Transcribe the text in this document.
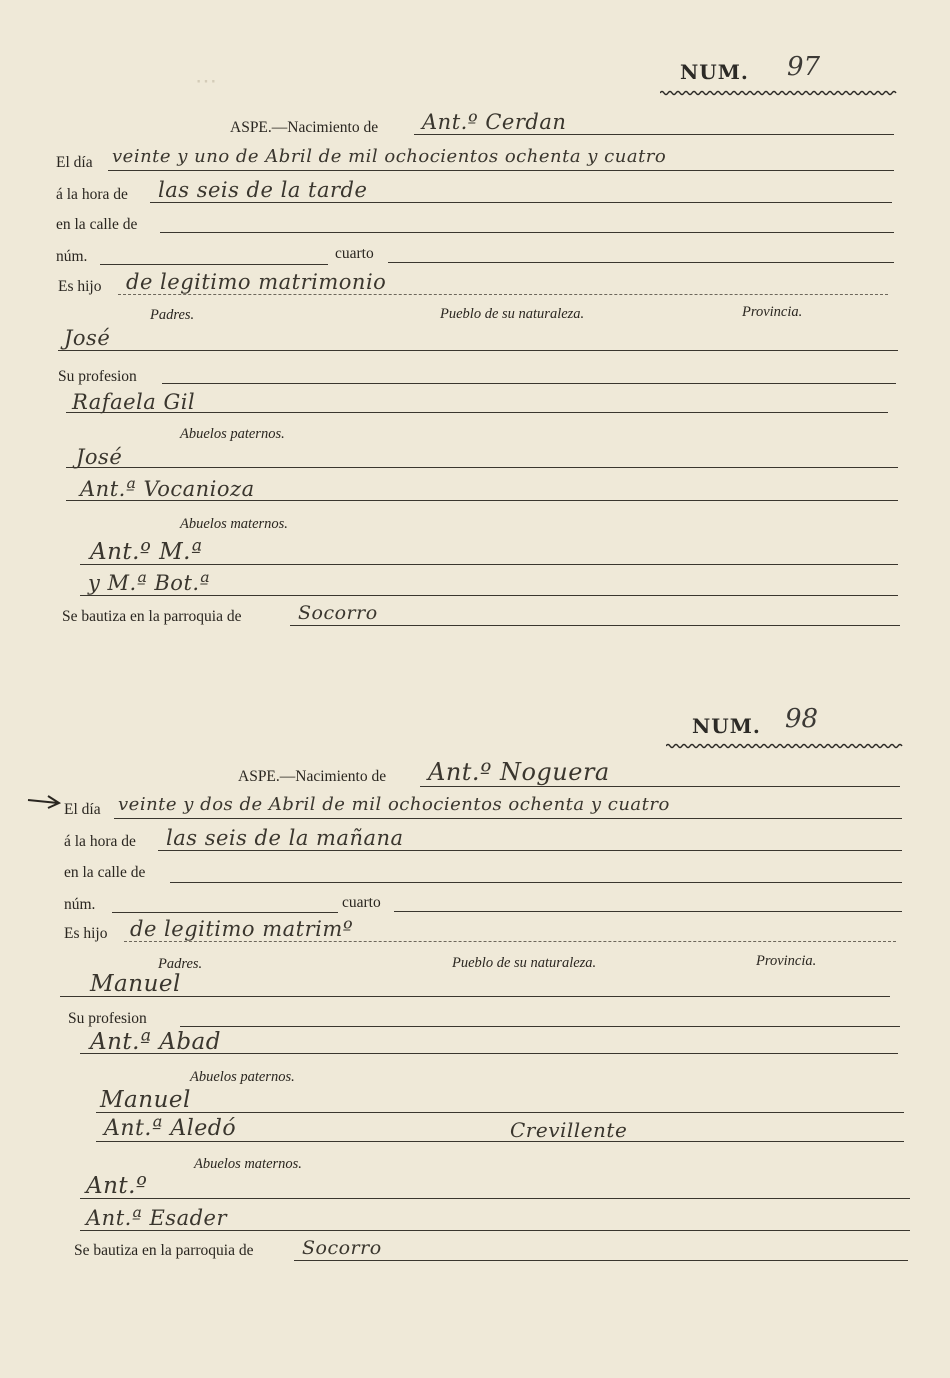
⋯	NUM. 97
ASPE.—Nacimiento de Ant.º Cerdan
El día veinte y uno de Abril de mil ochocientos ochenta y cuatro
á la hora de las seis de la tarde
en la calle de
núm.	cuarto
Es hijo de legitimo matrimonio
Padres.	Pueblo de su naturaleza.	Provincia.
José
Su profesion
Rafaela Gil
Abuelos paternos.
José
Ant.ª Vocanioza
Abuelos maternos.
Ant.º M.ª
y M.ª Bot.ª
Se bautiza en la parroquia de	Socorro
NUM. 98
ASPE.—Nacimiento de Ant.º Noguera
El día veinte y dos de Abril de mil ochocientos ochenta y cuatro
á la hora de las seis de la mañana
en la calle de
núm.	cuarto
Es hijo de legitimo matrimº
Padres.	Pueblo de su naturaleza.	Provincia.
Manuel
Su profesion
Ant.ª Abad
Abuelos paternos.
Manuel
Ant.ª Aledó	Crevillente
Abuelos maternos.
Ant.º
Ant.ª Esader
Se bautiza en la parroquia de	Socorro
